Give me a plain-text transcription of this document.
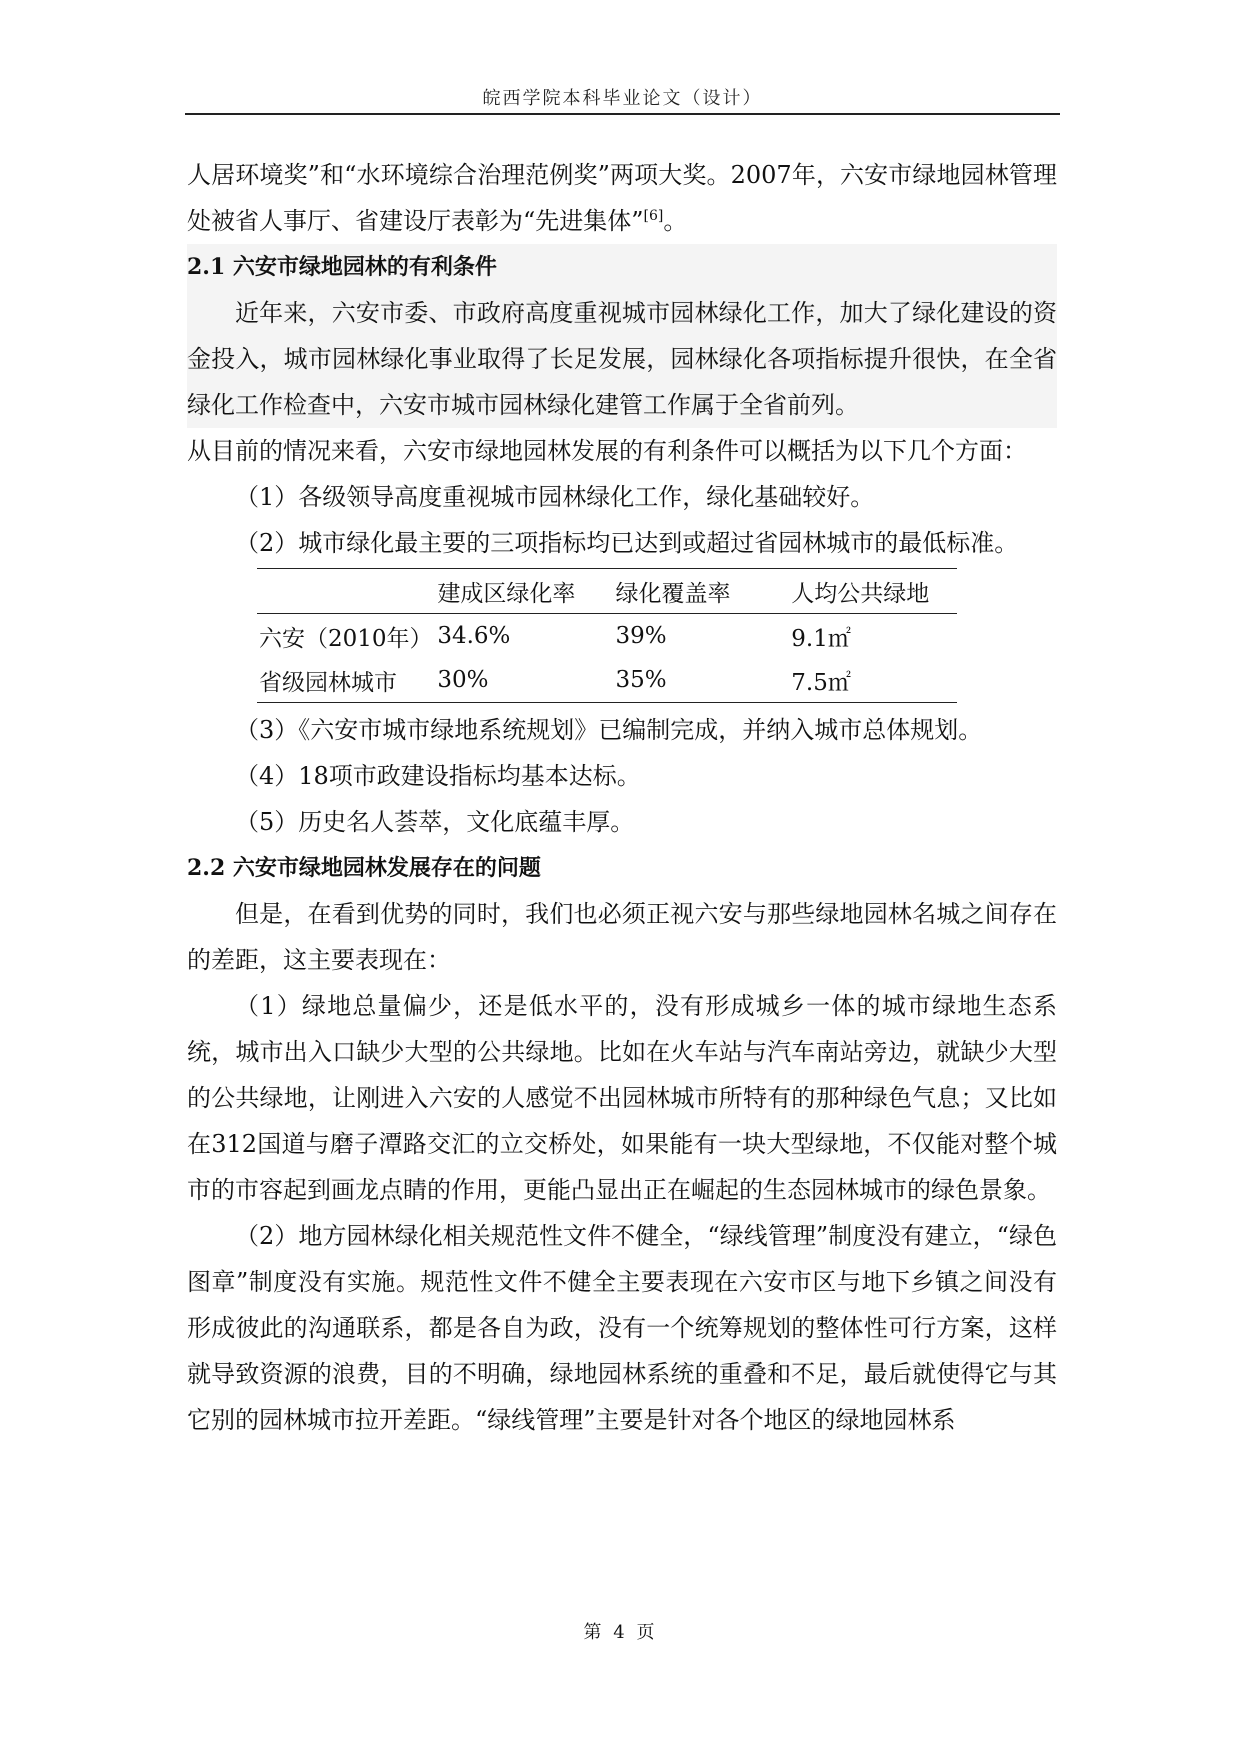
皖西学院本科毕业论文（设计）

人居环境奖”和“水环境综合治理范例奖”两项大奖。2007年，六安市绿地园林管理处被省人事厅、省建设厅表彰为“先进集体”[6]。

2.1 六安市绿地园林的有利条件

近年来，六安市委、市政府高度重视城市园林绿化工作，加大了绿化建设的资金投入，城市园林绿化事业取得了长足发展，园林绿化各项指标提升很快，在全省绿化工作检查中，六安市城市园林绿化建管工作属于全省前列。

从目前的情况来看，六安市绿地园林发展的有利条件可以概括为以下几个方面：

（1）各级领导高度重视城市园林绿化工作，绿化基础较好。

（2）城市绿化最主要的三项指标均已达到或超过省园林城市的最低标准。

	建成区绿化率	绿化覆盖率	人均公共绿地
六安（2010年）	34.6%	39%	9.1㎡
省级园林城市	30%	35%	7.5㎡

（3）《六安市城市绿地系统规划》已编制完成，并纳入城市总体规划。

（4）18项市政建设指标均基本达标。

（5）历史名人荟萃，文化底蕴丰厚。

2.2 六安市绿地园林发展存在的问题

但是，在看到优势的同时，我们也必须正视六安与那些绿地园林名城之间存在的差距，这主要表现在：

（1）绿地总量偏少，还是低水平的，没有形成城乡一体的城市绿地生态系统，城市出入口缺少大型的公共绿地。比如在火车站与汽车南站旁边，就缺少大型的公共绿地，让刚进入六安的人感觉不出园林城市所特有的那种绿色气息；又比如在312国道与磨子潭路交汇的立交桥处，如果能有一块大型绿地，不仅能对整个城市的市容起到画龙点睛的作用，更能凸显出正在崛起的生态园林城市的绿色景象。

（2）地方园林绿化相关规范性文件不健全，“绿线管理”制度没有建立，“绿色图章”制度没有实施。规范性文件不健全主要表现在六安市区与地下乡镇之间没有形成彼此的沟通联系，都是各自为政，没有一个统筹规划的整体性可行方案，这样就导致资源的浪费，目的不明确，绿地园林系统的重叠和不足，最后就使得它与其它别的园林城市拉开差距。“绿线管理”主要是针对各个地区的绿地园林系

第 4 页
